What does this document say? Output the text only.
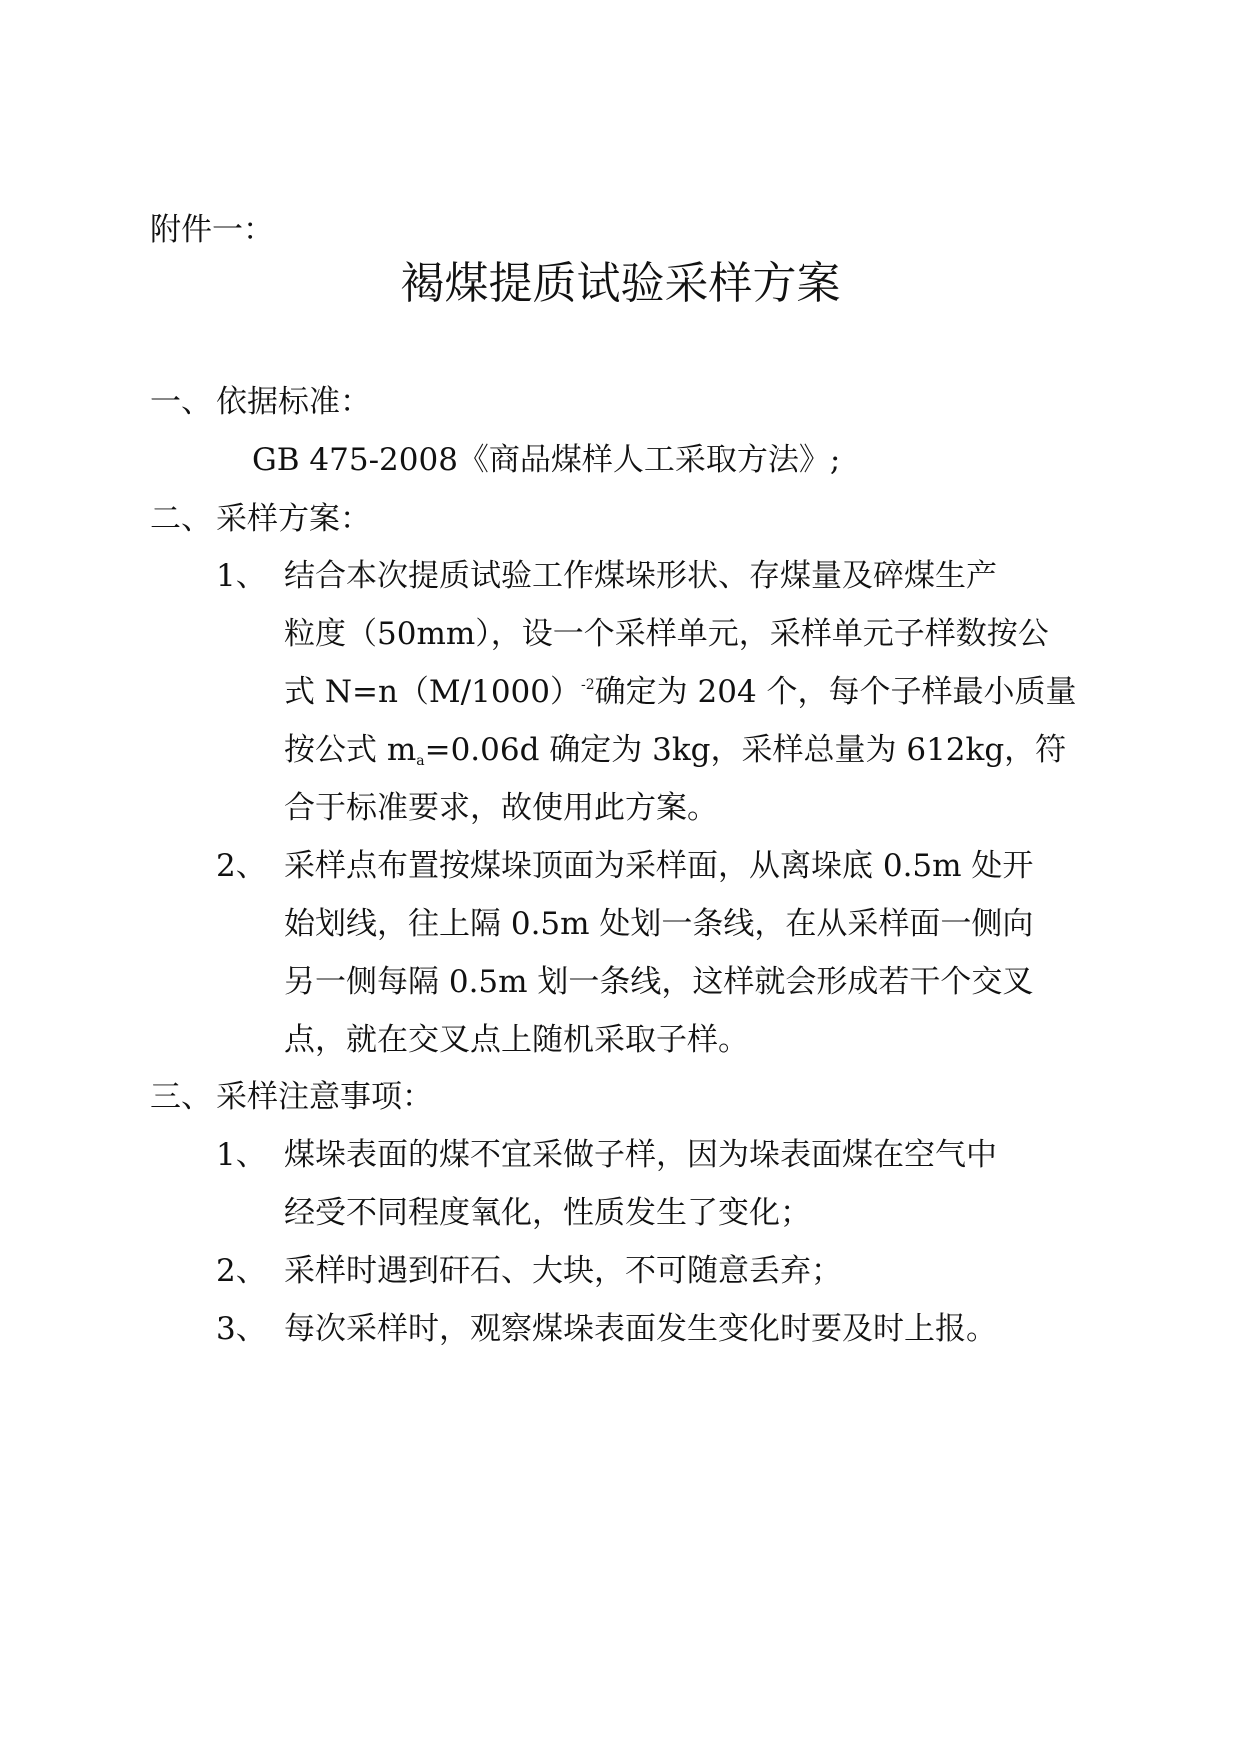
附件一：
褐煤提质试验采样方案
一、 依据标准：
GB 475-2008《商品煤样人工采取方法》;
二、 采样方案：
1、 结合本次提质试验工作煤垛形状、存煤量及碎煤生产
粒度（50mm），设一个采样单元，采样单元子样数按公
式 $N=n(M/1000)^{-2}$确定为 204 个，每个子样最小质量
按公式 $m_a=0.06d$ 确定为 3kg，采样总量为 612kg，符
合于标准要求，故使用此方案。
2、 采样点布置按煤垛顶面为采样面，从离垛底 0.5m 处开
始划线，往上隔 0.5m 处划一条线，在从采样面一侧向
另一侧每隔 0.5m 划一条线，这样就会形成若干个交叉
点，就在交叉点上随机采取子样。
三、 采样注意事项：
1、 煤垛表面的煤不宜采做子样，因为垛表面煤在空气中
经受不同程度氧化，性质发生了变化；
2、 采样时遇到矸石、大块，不可随意丢弃；
3、 每次采样时，观察煤垛表面发生变化时要及时上报。
